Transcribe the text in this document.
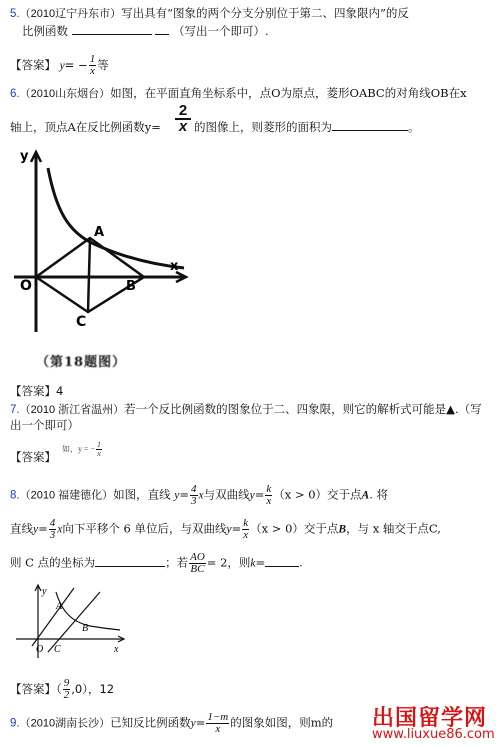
5.（2010辽宁丹东市）写出具有“图象的两个分支分别位于第二、四象限内”的反
比例函数	（写出一个即可）.
【答案】 $y= - \frac{1}{x}$ 等
6.（2010山东烟台）如图，在平面直角坐标系中，点O为原点，菱形OABC的对角线OB在x
轴上，顶点A在反比例函数y=
2
x 的图像上，则菱形的面积为	。
y
x
O
A
B
C
（第18题图）
【答案】4
7.（2010 浙江省温州）若一个反比例函数的图象位于二、四象限，则它的解析式可能是▲.（写
出一个即可）
【答案】
如，y = − $\frac{1}{x}$
8.（2010 福建德化）如图，直线 $y= \frac{4}{3}$ x与双曲线$y= \frac{k}{x} (x > 0)$交于点A. 将
直线$y= \frac{4}{3}$ x向下平移个 6 单位后，与双曲线$y= \frac{k}{x} (x > 0)$交于点B，与 x 轴交于点C,
则 C 点的坐标为	；若 $\frac{AO}{BC} = 2$，则k=	.
y
x
O
A
B
C
【答案】（ $\frac{9}{2} ,0$），12
9.（2010湖南长沙）已知反比例函数$y= \frac{1-m}{x}$ 的图象如图，则m的 出国留学网
www.liuxue86.com
